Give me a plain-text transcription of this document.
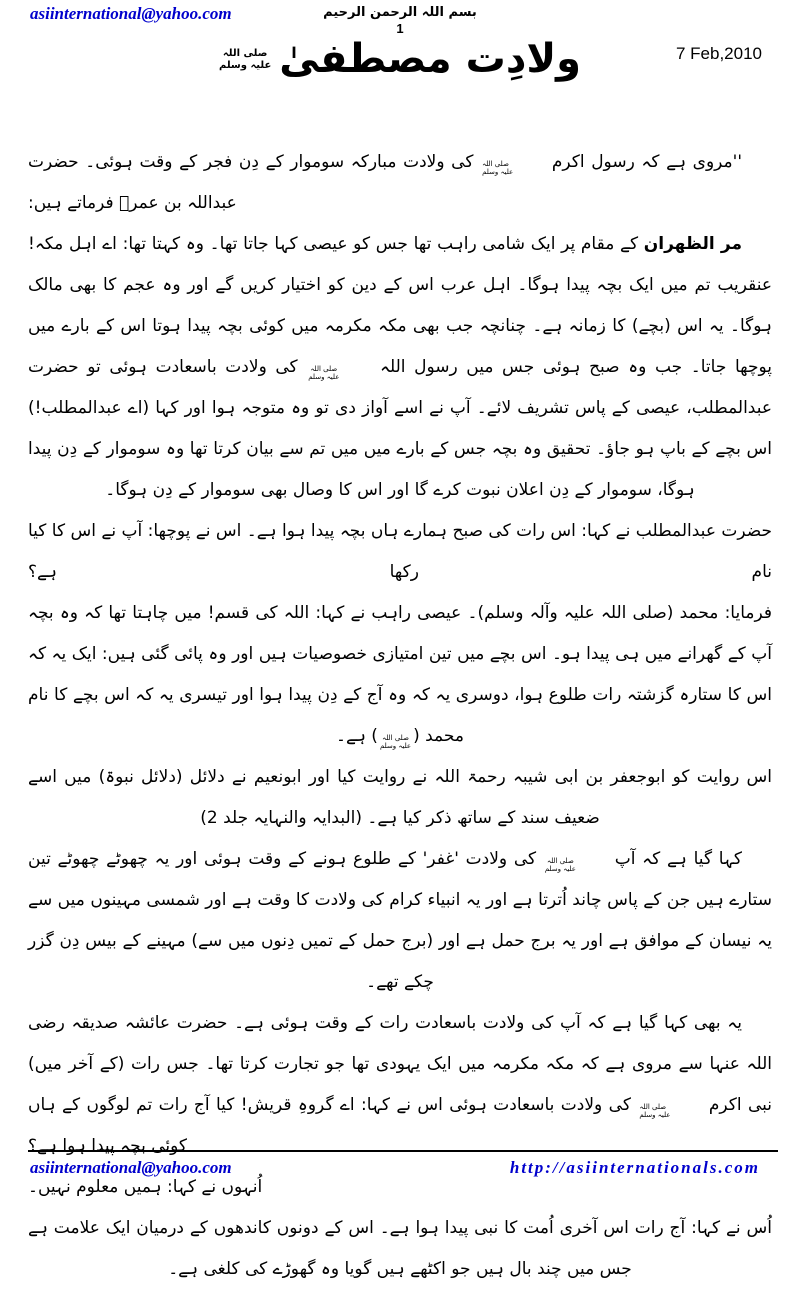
asiinternational@yahoo.com	بسم اللہ الرحمن الرحیم
1
7 Feb,2010
ولادِت مصطفیٰ
صلی اللہ
علیہ وسلم

''مروی ہے کہ رسول اکرم
صلی اللہ
علیہ وسلم
کی ولادت مبارکہ سوموار کے دِن فجر کے وقت ہوئی۔ حضرت عبداللہ بن عمرؓ فرماتے ہیں:

مر الظهران کے مقام پر ایک شامی راہب تھا جس کو عیصی کہا جاتا تھا۔ وہ کہتا تھا: اے اہل مکہ! عنقریب تم میں ایک بچہ پیدا ہوگا۔ اہل عرب اس کے دین کو اختیار کریں گے اور وہ عجم کا بھی مالک ہوگا۔ یہ اس (بچے) کا زمانہ ہے۔ چنانچہ جب بھی مکہ مکرمہ میں کوئی بچہ پیدا ہوتا اس کے بارے میں پوچھا جاتا۔ جب وہ صبح ہوئی جس میں رسول اللہ
صلی اللہ
علیہ وسلم
کی ولادت باسعادت ہوئی تو حضرت عبدالمطلب، عیصی کے پاس تشریف لائے۔ آپ نے اسے آواز دی تو وہ متوجہ ہوا اور کہا (اے عبدالمطلب!) اس بچے کے باپ ہو جاؤ۔ تحقیق وہ بچہ جس کے بارے میں میں تم سے بیان کرتا تھا وہ سوموار کے دِن پیدا ہوگا، سوموار کے دِن اعلان نبوت کرے گا اور اس کا وصال بھی سوموار کے دِن ہوگا۔

حضرت عبدالمطلب نے کہا: اس رات کی صبح ہمارے ہاں بچہ پیدا ہوا ہے۔ اس نے پوچھا: آپ نے اس کا کیا نام رکھا ہے؟

فرمایا: محمد (صلی اللہ علیہ وآلہ وسلم)۔ عیصی راہب نے کہا: اللہ کی قسم! میں چاہتا تھا کہ وہ بچہ آپ کے گھرانے میں ہی پیدا ہو۔ اس بچے میں تین امتیازی خصوصیات ہیں اور وہ پائی گئی ہیں: ایک یہ کہ اس کا ستارہ گزشتہ رات طلوع ہوا، دوسری یہ کہ وہ آج کے دِن پیدا ہوا اور تیسری یہ کہ اس بچے کا نام محمد (
صلی اللہ
علیہ وسلم
) ہے۔

اس روایت کو ابوجعفر بن ابی شیبہ رحمۃ اللہ نے روایت کیا اور ابونعیم نے دلائل (دلائل نبوۃ) میں اسے ضعیف سند کے ساتھ ذکر کیا ہے۔ (البدایہ والنہایہ جلد 2)

کہا گیا ہے کہ آپ
صلی اللہ
علیہ وسلم
کی ولادت 'غفر' کے طلوع ہونے کے وقت ہوئی اور یہ چھوٹے چھوٹے تین ستارے ہیں جن کے پاس چاند اُترتا ہے اور یہ انبیاء کرام کی ولادت کا وقت ہے اور شمسی مہینوں میں سے یہ نیسان کے موافق ہے اور یہ برج حمل ہے اور (برج حمل کے تمیں دِنوں میں سے) مہینے کے بیس دِن گزر چکے تھے۔

یہ بھی کہا گیا ہے کہ آپ کی ولادت باسعادت رات کے وقت ہوئی ہے۔ حضرت عائشہ صدیقہ رضی اللہ عنہا سے مروی ہے کہ مکہ مکرمہ میں ایک یہودی تھا جو تجارت کرتا تھا۔ جس رات (کے آخر میں) نبی اکرم
صلی اللہ
علیہ وسلم
کی ولادت باسعادت ہوئی اس نے کہا: اے گروہِ قریش! کیا آج رات تم لوگوں کے ہاں کوئی بچہ پیدا ہوا ہے؟

اُنہوں نے کہا: ہمیں معلوم نہیں۔

اُس نے کہا: آج رات اس آخری اُمت کا نبی پیدا ہوا ہے۔ اس کے دونوں کاندھوں کے درمیان ایک علامت ہے جس میں چند بال ہیں جو اکٹھے ہیں گویا وہ گھوڑے کی کلغی ہے۔

asiinternational@yahoo.com	http://asiinternationals.com
